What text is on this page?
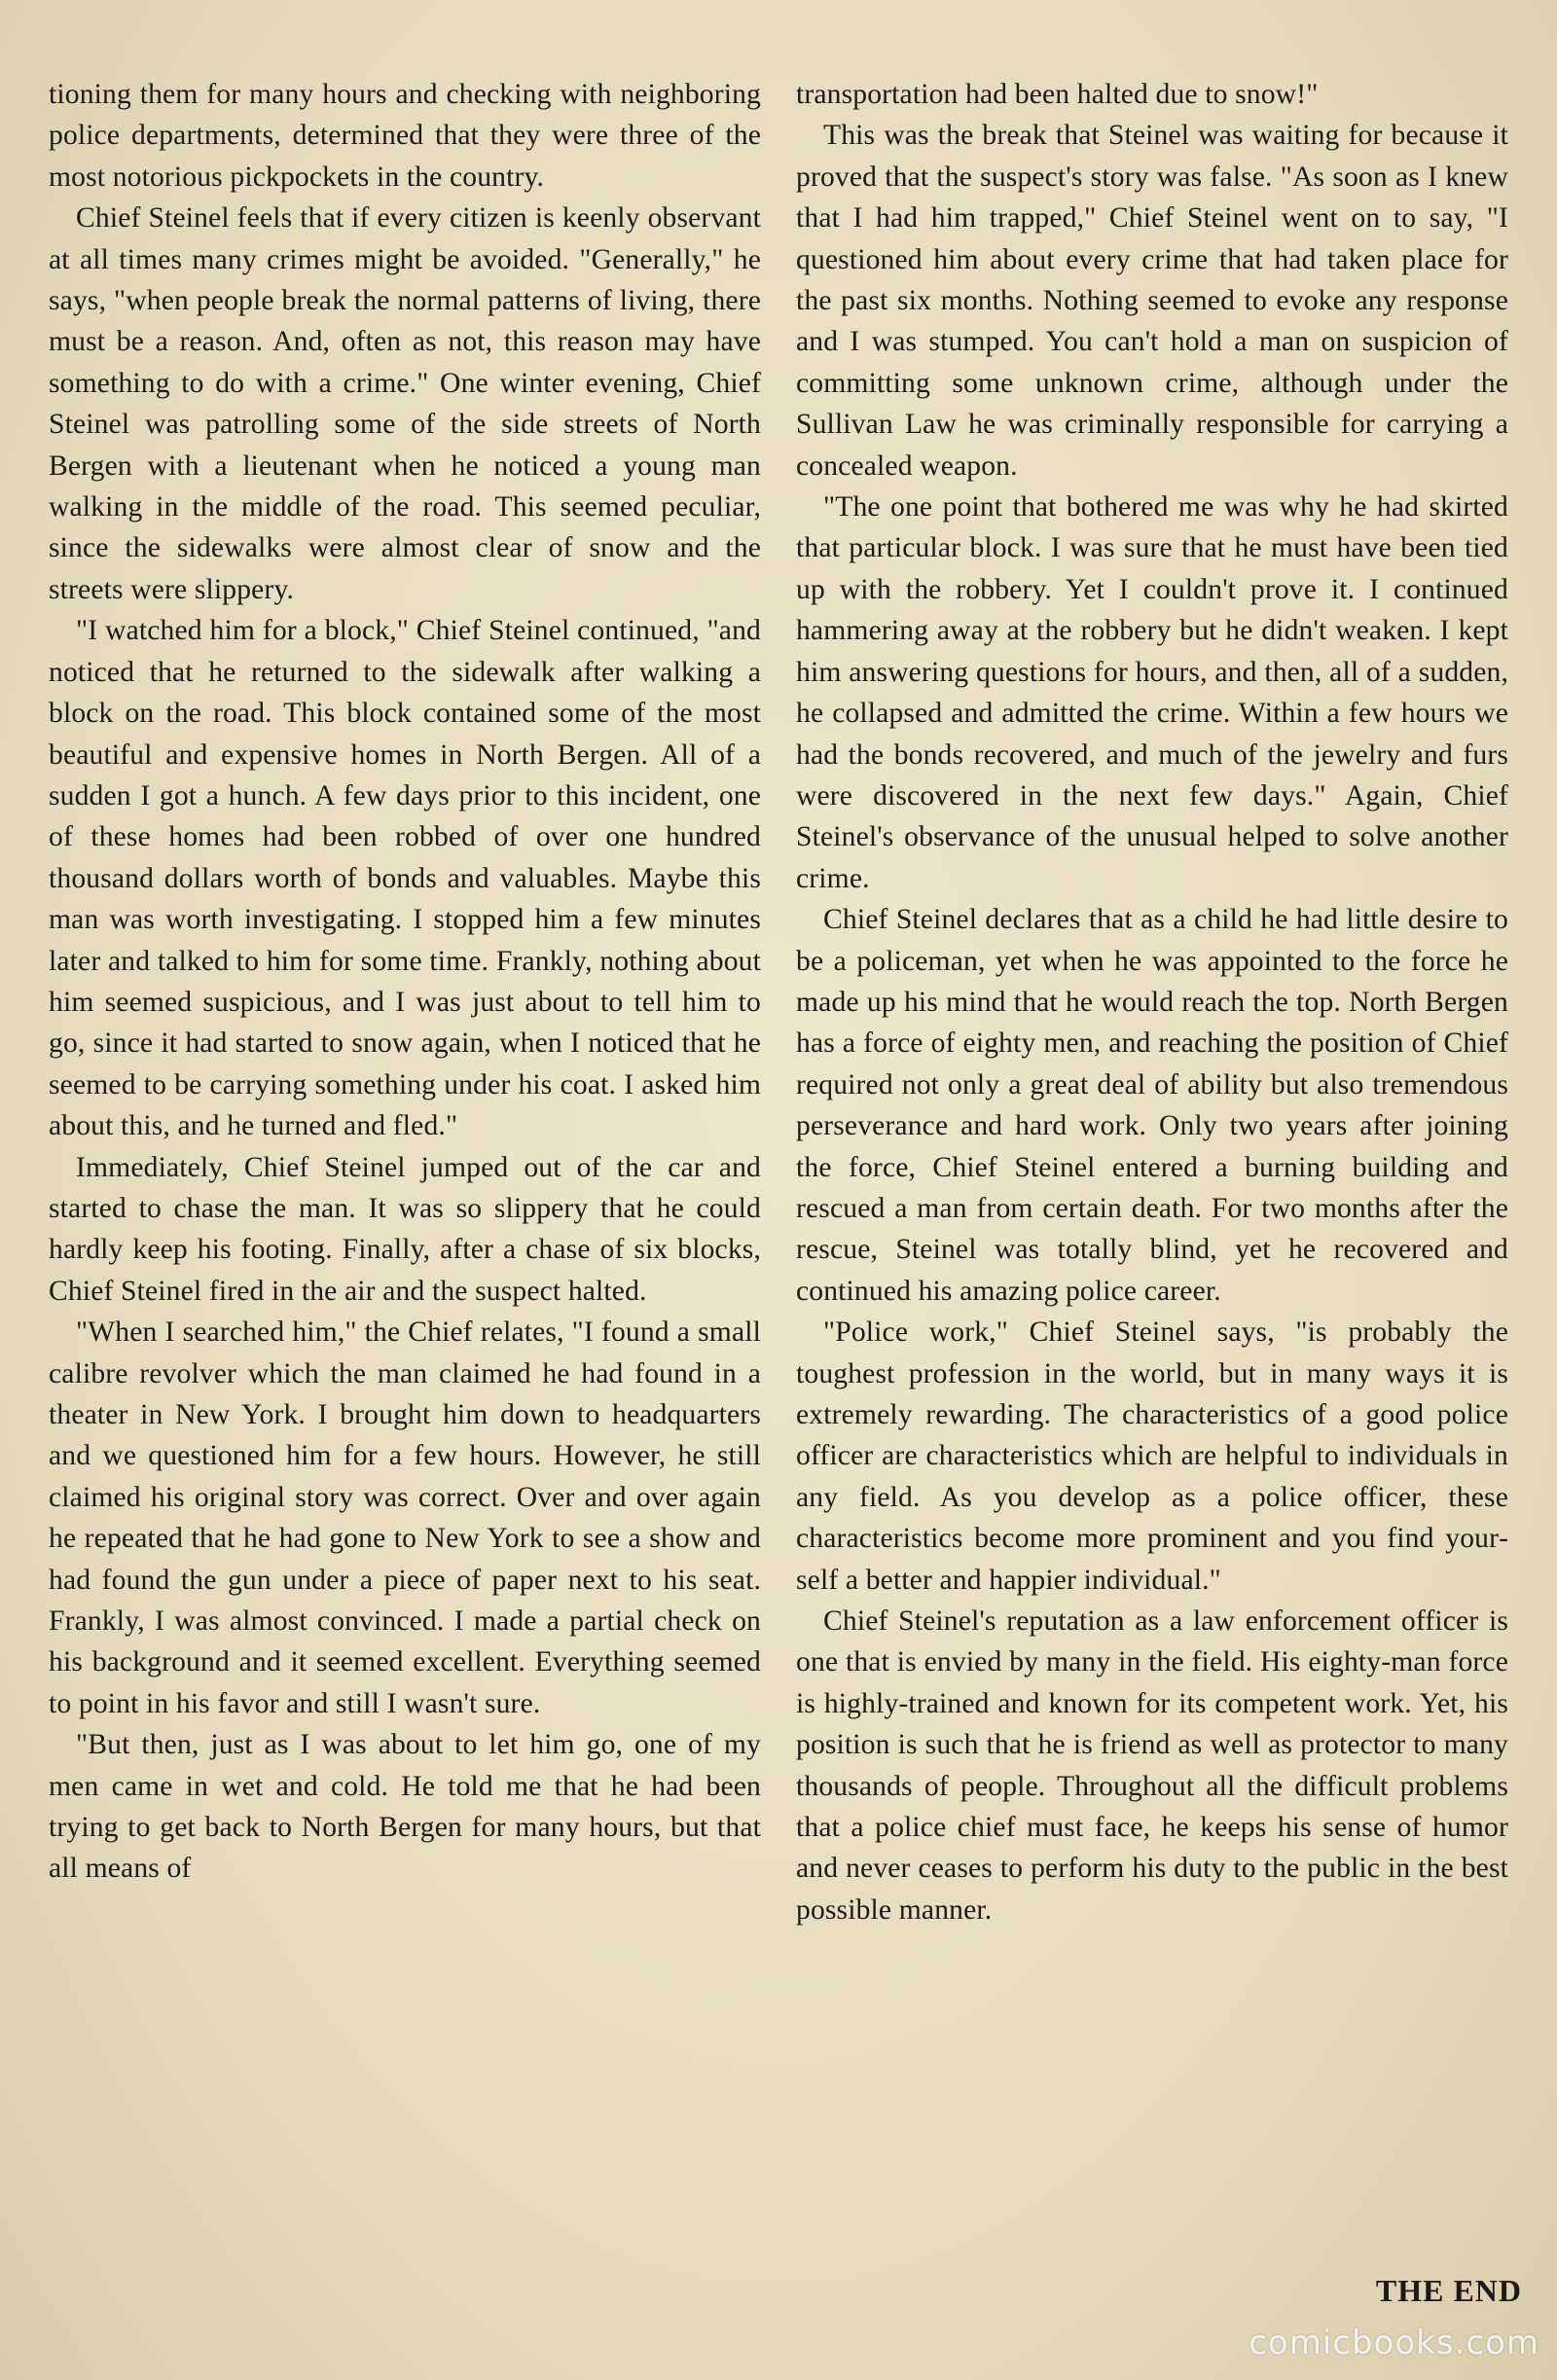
tioning them for many hours and checking with neighboring police departments, determined that they were three of the most notorious pickpockets in the country.

Chief Steinel feels that if every citizen is keenly observant at all times many crimes might be avoided. "Generally," he says, "when people break the normal patterns of living, there must be a reason. And, often as not, this reason may have something to do with a crime." One winter evening, Chief Steinel was patrolling some of the side streets of North Bergen with a lieutenant when he noticed a young man walking in the middle of the road. This seemed peculiar, since the sidewalks were almost clear of snow and the streets were slippery.

"I watched him for a block," Chief Steinel continued, "and noticed that he returned to the sidewalk after walking a block on the road. This block contained some of the most beautiful and expensive homes in North Bergen. All of a sudden I got a hunch. A few days prior to this incident, one of these homes had been robbed of over one hundred thousand dollars worth of bonds and valuables. Maybe this man was worth investigating. I stopped him a few minutes later and talked to him for some time. Frankly, nothing about him seemed suspicious, and I was just about to tell him to go, since it had started to snow again, when I noticed that he seemed to be carrying something under his coat. I asked him about this, and he turned and fled."

Immediately, Chief Steinel jumped out of the car and started to chase the man. It was so slippery that he could hardly keep his footing. Finally, after a chase of six blocks, Chief Steinel fired in the air and the suspect halted.

"When I searched him," the Chief relates, "I found a small calibre revolver which the man claimed he had found in a theater in New York. I brought him down to headquarters and we questioned him for a few hours. However, he still claimed his original story was correct. Over and over again he repeated that he had gone to New York to see a show and had found the gun under a piece of paper next to his seat. Frankly, I was almost convinced. I made a partial check on his background and it seemed excellent. Everything seemed to point in his favor and still I wasn't sure.

"But then, just as I was about to let him go, one of my men came in wet and cold. He told me that he had been trying to get back to North Bergen for many hours, but that all means of

transportation had been halted due to snow!"

This was the break that Steinel was waiting for because it proved that the suspect's story was false. "As soon as I knew that I had him trapped," Chief Steinel went on to say, "I questioned him about every crime that had taken place for the past six months. Nothing seemed to evoke any response and I was stumped. You can't hold a man on suspicion of committing some unknown crime, although under the Sullivan Law he was criminally responsible for carrying a concealed weapon.

"The one point that bothered me was why he had skirted that particular block. I was sure that he must have been tied up with the robbery. Yet I couldn't prove it. I continued hammering away at the robbery but he didn't weaken. I kept him answering questions for hours, and then, all of a sudden, he collapsed and admitted the crime. Within a few hours we had the bonds recovered, and much of the jewelry and furs were discovered in the next few days." Again, Chief Steinel's observance of the unusual helped to solve another crime.

Chief Steinel declares that as a child he had little desire to be a policeman, yet when he was appointed to the force he made up his mind that he would reach the top. North Bergen has a force of eighty men, and reaching the position of Chief required not only a great deal of ability but also tremendous perseverance and hard work. Only two years after joining the force, Chief Steinel entered a burning building and rescued a man from certain death. For two months after the rescue, Steinel was totally blind, yet he recovered and continued his amazing police career.

"Police work," Chief Steinel says, "is probably the toughest profession in the world, but in many ways it is extremely rewarding. The characteristics of a good police officer are characteristics which are helpful to individuals in any field. As you develop as a police officer, these characteristics become more prominent and you find yourself a better and happier individual."

Chief Steinel's reputation as a law enforcement officer is one that is envied by many in the field. His eighty-man force is highly-trained and known for its competent work. Yet, his position is such that he is friend as well as protector to many thousands of people. Throughout all the difficult problems that a police chief must face, he keeps his sense of humor and never ceases to perform his duty to the public in the best possible manner.

THE END
comicbooks.com
